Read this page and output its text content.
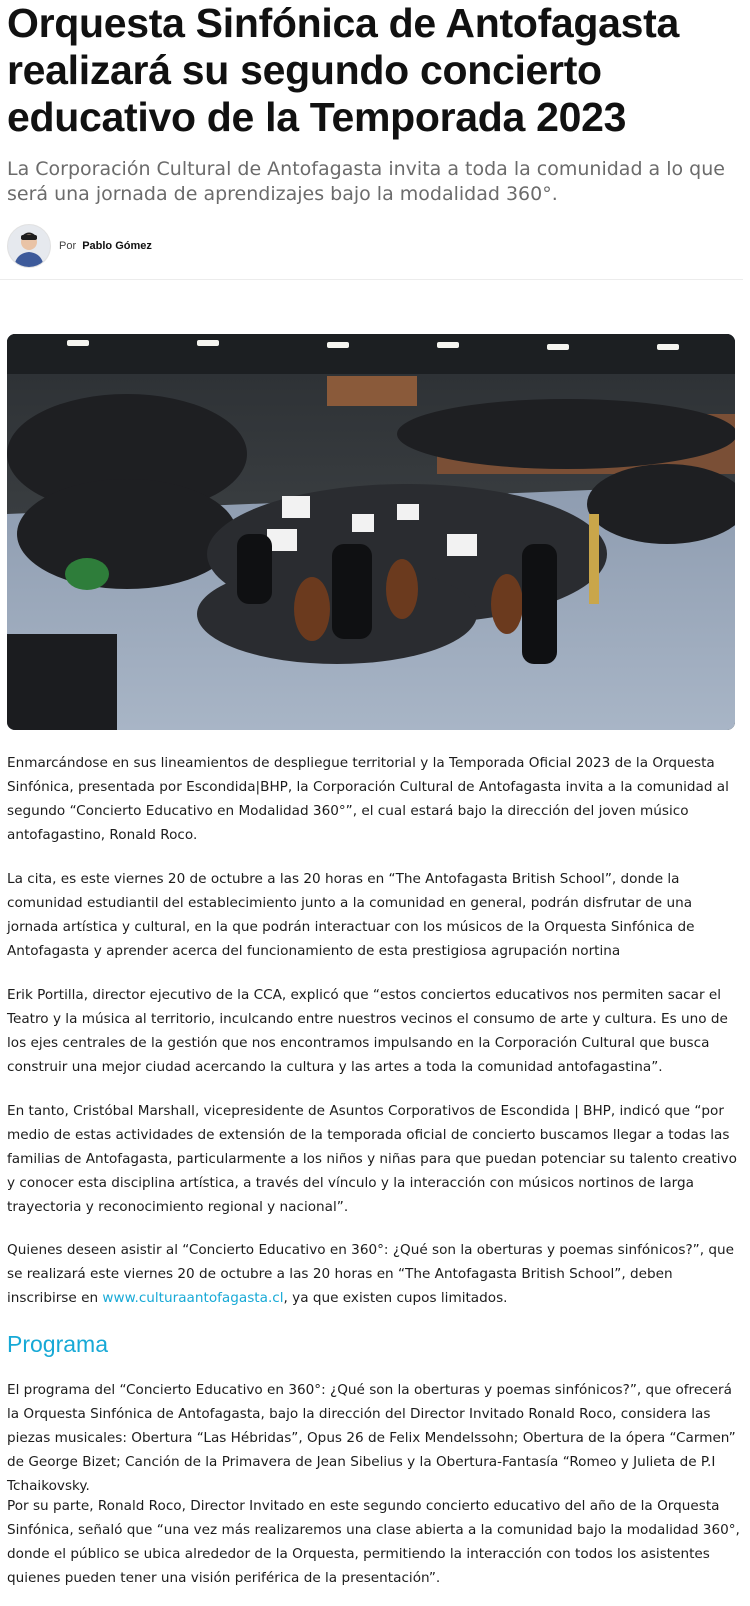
Orquesta Sinfónica de Antofagasta realizará su segundo concierto educativo de la Temporada 2023

La Corporación Cultural de Antofagasta invita a toda la comunidad a lo que será una jornada de aprendizajes bajo la modalidad 360°.

Por Pablo Gómez

Enmarcándose en sus lineamientos de despliegue territorial y la Temporada Oficial 2023 de la Orquesta Sinfónica, presentada por Escondida|BHP, la Corporación Cultural de Antofagasta invita a la comunidad al segundo “Concierto Educativo en Modalidad 360°”, el cual estará bajo la dirección del joven músico antofagastino, Ronald Roco.

La cita, es este viernes 20 de octubre a las 20 horas en “The Antofagasta British School”, donde la comunidad estudiantil del establecimiento junto a la comunidad en general, podrán disfrutar de una jornada artística y cultural, en la que podrán interactuar con los músicos de la Orquesta Sinfónica de Antofagasta y aprender acerca del funcionamiento de esta prestigiosa agrupación nortina

Erik Portilla, director ejecutivo de la CCA, explicó que “estos conciertos educativos nos permiten sacar el Teatro y la música al territorio, inculcando entre nuestros vecinos el consumo de arte y cultura. Es uno de los ejes centrales de la gestión que nos encontramos impulsando en la Corporación Cultural que busca construir una mejor ciudad acercando la cultura y las artes a toda la comunidad antofagastina”.

En tanto, Cristóbal Marshall, vicepresidente de Asuntos Corporativos de Escondida | BHP, indicó que “por medio de estas actividades de extensión de la temporada oficial de concierto buscamos llegar a todas las familias de Antofagasta, particularmente a los niños y niñas para que puedan potenciar su talento creativo y conocer esta disciplina artística, a través del vínculo y la interacción con músicos nortinos de larga trayectoria y reconocimiento regional y nacional”.

Quienes deseen asistir al “Concierto Educativo en 360°: ¿Qué son la oberturas y poemas sinfónicos?”, que se realizará este viernes 20 de octubre a las 20 horas en “The Antofagasta British School”, deben inscribirse en www.culturaantofagasta.cl, ya que existen cupos limitados.

Programa

El programa del “Concierto Educativo en 360°: ¿Qué son la oberturas y poemas sinfónicos?”, que ofrecerá la Orquesta Sinfónica de Antofagasta, bajo la dirección del Director Invitado Ronald Roco, considera las piezas musicales: Obertura “Las Hébridas”, Opus 26 de Felix Mendelssohn; Obertura de la ópera “Carmen” de George Bizet; Canción de la Primavera de Jean Sibelius y la Obertura-Fantasía “Romeo y Julieta de P.I Tchaikovsky.

Por su parte, Ronald Roco, Director Invitado en este segundo concierto educativo del año de la Orquesta Sinfónica, señaló que “una vez más realizaremos una clase abierta a la comunidad bajo la modalidad 360°, donde el público se ubica alrededor de la Orquesta, permitiendo la interacción con todos los asistentes quienes pueden tener una visión periférica de la presentación”.
